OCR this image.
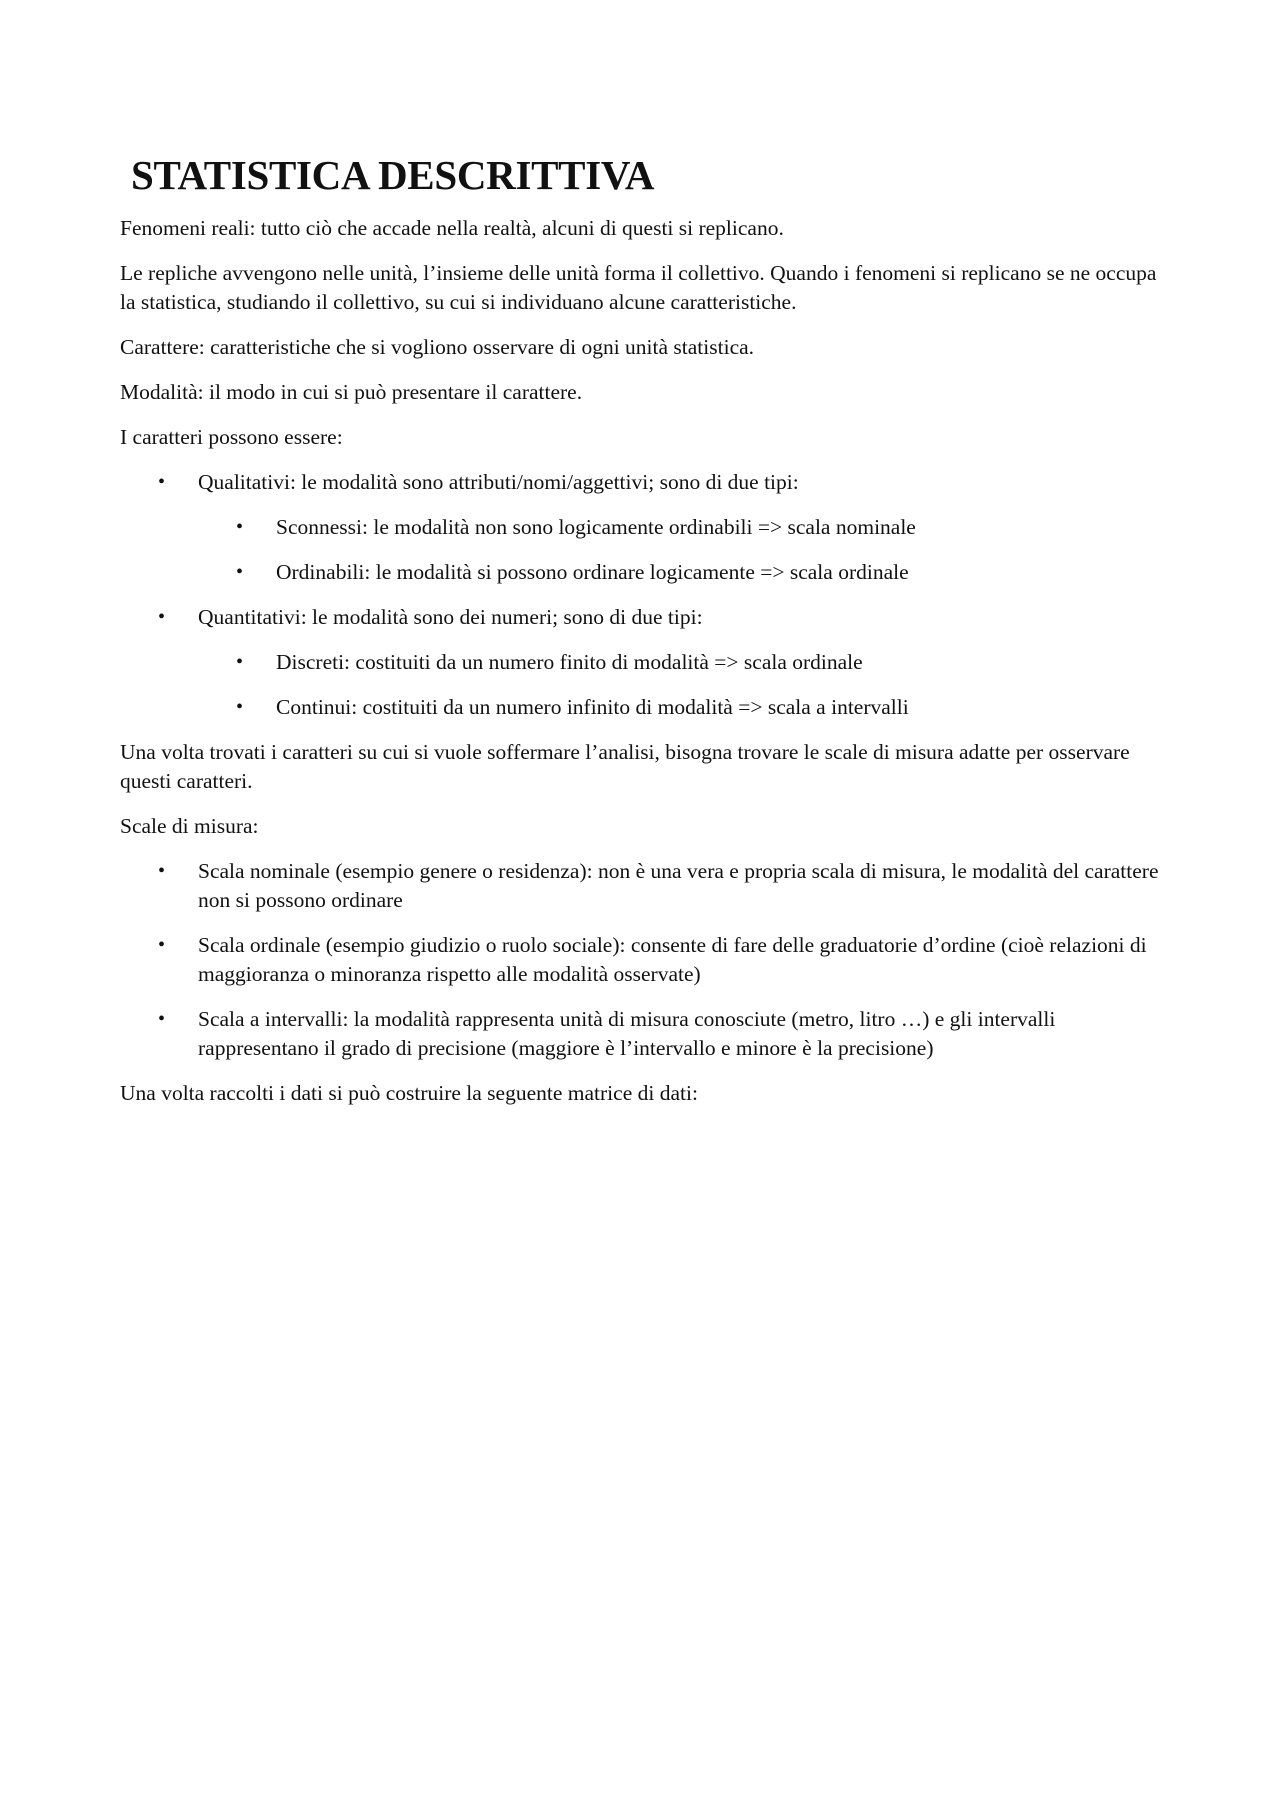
STATISTICA DESCRITTIVA

Fenomeni reali: tutto ciò che accade nella realtà, alcuni di questi si replicano.

Le repliche avvengono nelle unità, l’insieme delle unità forma il collettivo. Quando i fenomeni si replicano se ne occupa la statistica, studiando il collettivo, su cui si individuano alcune caratteristiche.

Carattere: caratteristiche che si vogliono osservare di ogni unità statistica.

Modalità: il modo in cui si può presentare il carattere.

I caratteri possono essere:

• Qualitativi: le modalità sono attributi/nomi/aggettivi; sono di due tipi:
• Sconnessi: le modalità non sono logicamente ordinabili => scala nominale
• Ordinabili: le modalità si possono ordinare logicamente => scala ordinale
• Quantitativi: le modalità sono dei numeri; sono di due tipi:
• Discreti: costituiti da un numero finito di modalità => scala ordinale
• Continui: costituiti da un numero infinito di modalità => scala a intervalli

Una volta trovati i caratteri su cui si vuole soffermare l’analisi, bisogna trovare le scale di misura adatte per osservare questi caratteri.

Scale di misura:

• Scala nominale (esempio genere o residenza): non è una vera e propria scala di misura, le modalità del carattere non si possono ordinare
• Scala ordinale (esempio giudizio o ruolo sociale): consente di fare delle graduatorie d’ordine (cioè relazioni di maggioranza o minoranza rispetto alle modalità osservate)
• Scala a intervalli: la modalità rappresenta unità di misura conosciute (metro, litro …) e gli intervalli rappresentano il grado di precisione (maggiore è l’intervallo e minore è la precisione)

Una volta raccolti i dati si può costruire la seguente matrice di dati:
